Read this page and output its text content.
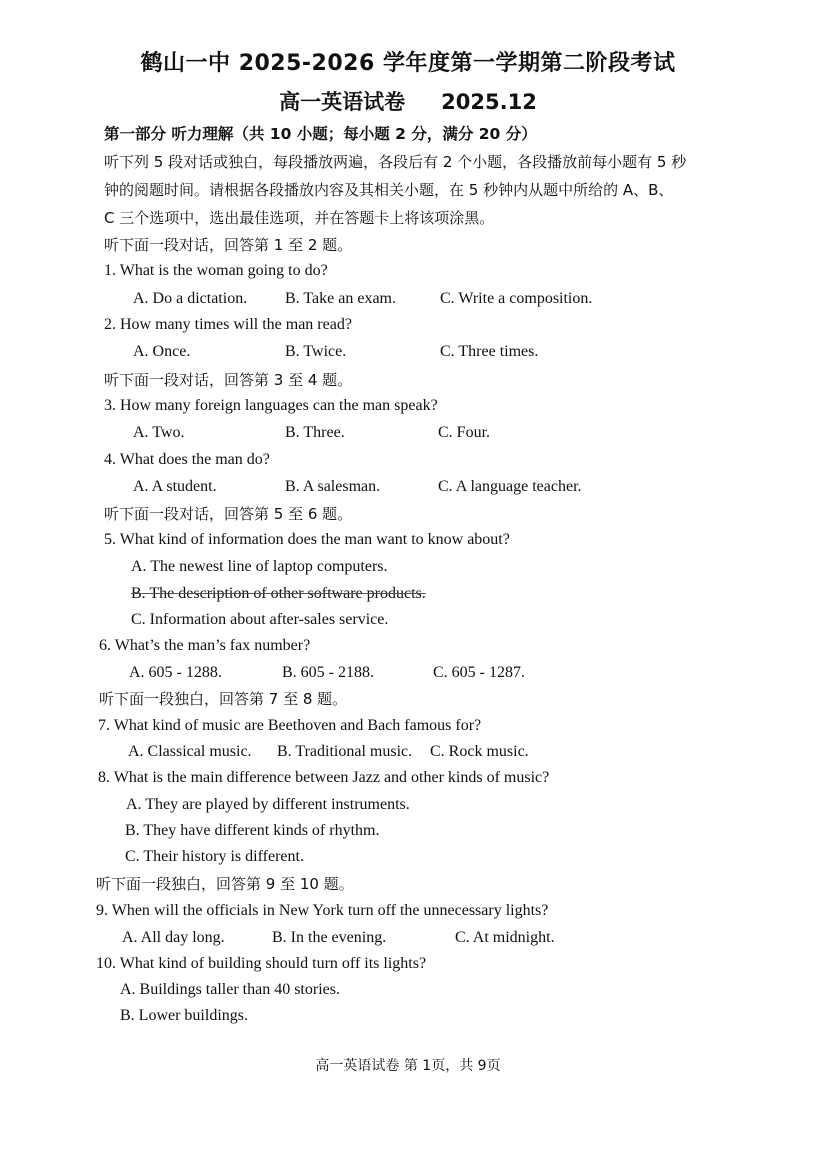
鹤山一中 2025-2026 学年度第一学期第二阶段考试
高一英语试卷 2025.12
第一部分 听力理解（共 10 小题；每小题 2 分，满分 20 分）
听下列 5 段对话或独白，每段播放两遍，各段后有 2 个小题，各段播放前每小题有 5 秒
钟的阅题时间。请根据各段播放内容及其相关小题，在 5 秒钟内从题中所给的 A、B、
C 三个选项中，选出最佳选项，并在答题卡上将该项涂黑。
听下面一段对话，回答第 1 至 2 题。
1. What is the woman going to do?
A. Do a dictation. B. Take an exam.	C. Write a composition.
2. How many times will the man read?
A. Once.	B. Twice.	C. Three times.
听下面一段对话，回答第 3 至 4 题。
3. How many foreign languages can the man speak?
A. Two.	B. Three.	C. Four.
4. What does the man do?
A. A student.	B. A salesman.	C. A language teacher.
听下面一段对话，回答第 5 至 6 题。
5. What kind of information does the man want to know about?
A. The newest line of laptop computers.
B. The description of other software products.
C. Information about after-sales service.
6. What’s the man’s fax number?
A. 605 - 1288.	B. 605 - 2188.	C. 605 - 1287.
听下面一段独白，回答第 7 至 8 题。
7. What kind of music are Beethoven and Bach famous for?
A. Classical music. B. Traditional music. C. Rock music.
8. What is the main difference between Jazz and other kinds of music?
A. They are played by different instruments.
B. They have different kinds of rhythm.
C. Their history is different.
听下面一段独白，回答第 9 至 10 题。
9. When will the officials in New York turn off the unnecessary lights?
A. All day long.	B. In the evening.	C. At midnight.
10. What kind of building should turn off its lights?
A. Buildings taller than 40 stories.
B. Lower buildings.
高一英语试卷 第 1页，共 9页
